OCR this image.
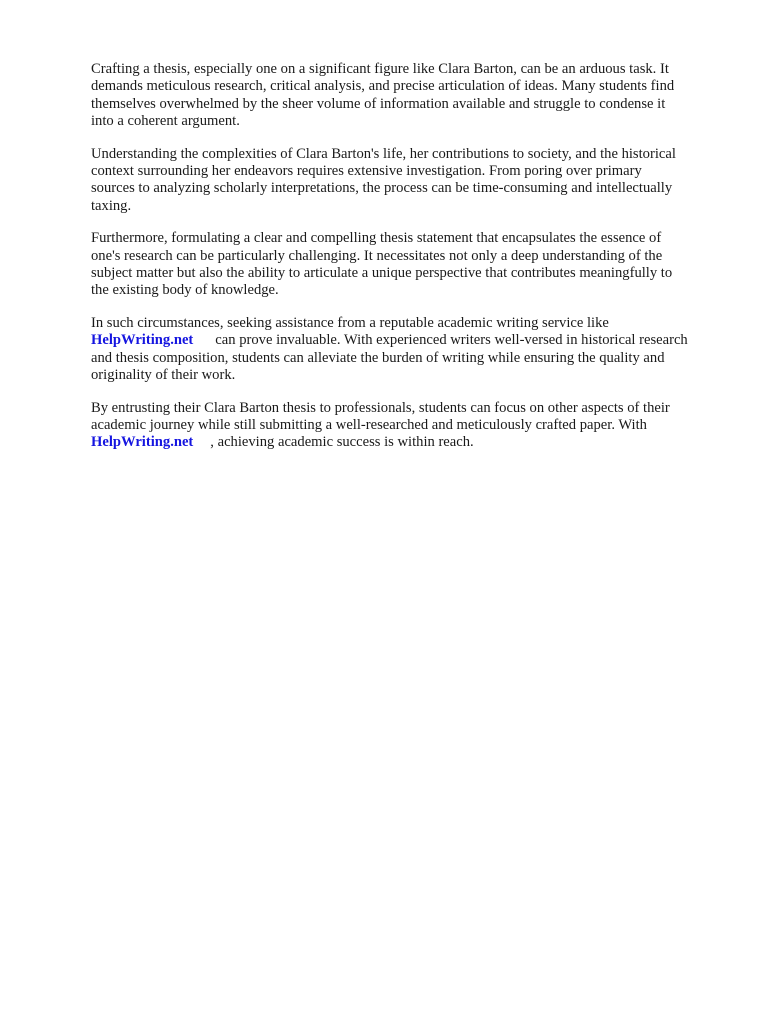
Crafting a thesis, especially one on a significant figure like Clara Barton, can be an arduous task. It
demands meticulous research, critical analysis, and precise articulation of ideas. Many students find
themselves overwhelmed by the sheer volume of information available and struggle to condense it
into a coherent argument.

Understanding the complexities of Clara Barton's life, her contributions to society, and the historical
context surrounding her endeavors requires extensive investigation. From poring over primary
sources to analyzing scholarly interpretations, the process can be time-consuming and intellectually
taxing.

Furthermore, formulating a clear and compelling thesis statement that encapsulates the essence of
one's research can be particularly challenging. It necessitates not only a deep understanding of the
subject matter but also the ability to articulate a unique perspective that contributes meaningfully to
the existing body of knowledge.

In such circumstances, seeking assistance from a reputable academic writing service like
HelpWriting.net can prove invaluable. With experienced writers well-versed in historical research
and thesis composition, students can alleviate the burden of writing while ensuring the quality and
originality of their work.

By entrusting their Clara Barton thesis to professionals, students can focus on other aspects of their
academic journey while still submitting a well-researched and meticulously crafted paper. With
HelpWriting.net , achieving academic success is within reach.
